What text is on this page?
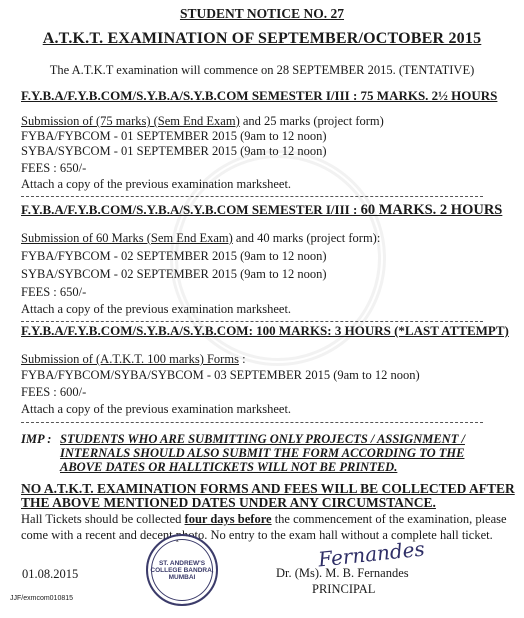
STUDENT NOTICE NO. 27
A.T.K.T. EXAMINATION OF SEPTEMBER/OCTOBER 2015
The A.T.K.T examination will commence on 28 SEPTEMBER 2015. (TENTATIVE)
F.Y.B.A/F.Y.B.COM/S.Y.B.A/S.Y.B.COM SEMESTER I/III : 75 MARKS. 2½ HOURS
Submission of (75 marks) (Sem End Exam) and 25 marks (project form)
FYBA/FYBCOM - 01 SEPTEMBER 2015 (9am to 12 noon)
SYBA/SYBCOM - 01 SEPTEMBER 2015 (9am to 12 noon)
FEES : 650/-
Attach a copy of the previous examination marksheet.
F.Y.B.A/F.Y.B.COM/S.Y.B.A/S.Y.B.COM SEMESTER I/III : 60 MARKS. 2 HOURS
Submission of 60 Marks (Sem End Exam) and 40 marks (project form):
FYBA/FYBCOM - 02 SEPTEMBER 2015 (9am to 12 noon)
SYBA/SYBCOM - 02 SEPTEMBER 2015 (9am to 12 noon)
FEES : 650/-
Attach a copy of the previous examination marksheet.
F.Y.B.A/F.Y.B.COM/S.Y.B.A/S.Y.B.COM: 100 MARKS: 3 HOURS (*LAST ATTEMPT)
Submission of (A.T.K.T. 100 marks) Forms :
FYBA/FYBCOM/SYBA/SYBCOM - 03 SEPTEMBER 2015 (9am to 12 noon)
FEES : 600/-
Attach a copy of the previous examination marksheet.
IMP : STUDENTS WHO ARE SUBMITTING ONLY PROJECTS / ASSIGNMENT /
INTERNALS SHOULD ALSO SUBMIT THE FORM ACCORDING TO THE
ABOVE DATES OR HALLTICKETS WILL NOT BE PRINTED.
NO A.T.K.T. EXAMINATION FORMS AND FEES WILL BE COLLECTED AFTER
THE ABOVE MENTIONED DATES UNDER ANY CIRCUMSTANCE.
Hall Tickets should be collected four days before the commencement of the examination, please
come with a recent and decent photo. No entry to the exam hall without a complete hall ticket.
01.08.2015
JJF/exmcom010815
ST. ANDREW'S COLLEGE BANDRA, MUMBAI
Fernandes
Dr. (Ms). M. B. Fernandes
PRINCIPAL
